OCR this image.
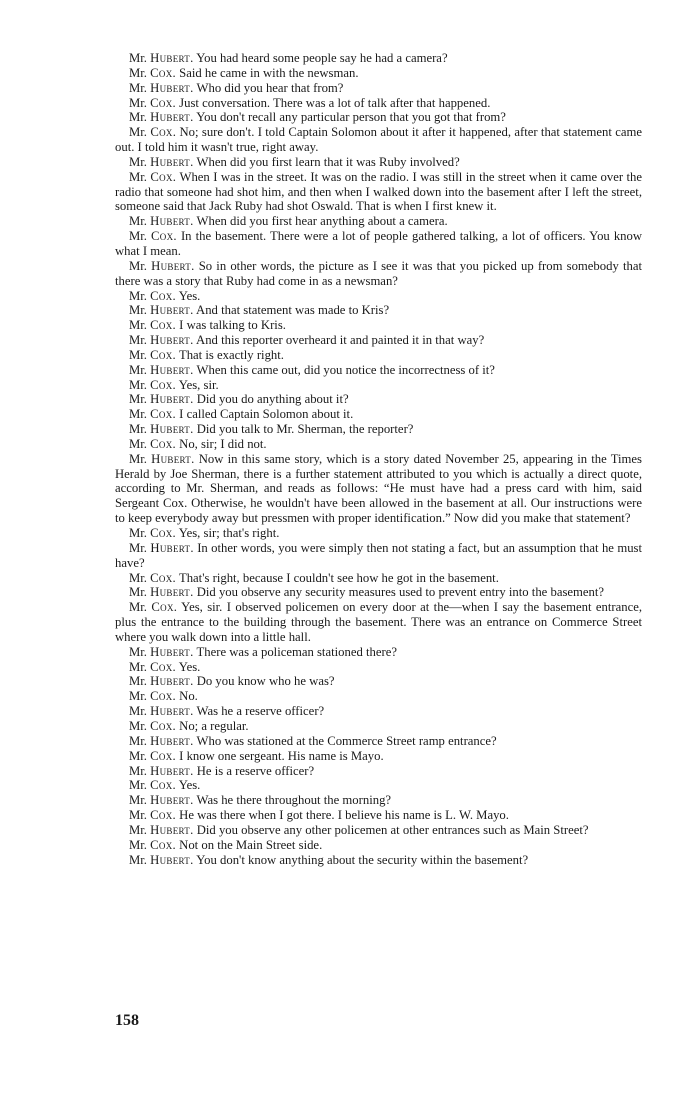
Mr. Hubert. You had heard some people say he had a camera?

Mr. Cox. Said he came in with the newsman.

Mr. Hubert. Who did you hear that from?

Mr. Cox. Just conversation. There was a lot of talk after that happened.

Mr. Hubert. You don't recall any particular person that you got that from?

Mr. Cox. No; sure don't. I told Captain Solomon about it after it happened, after that statement came out. I told him it wasn't true, right away.

Mr. Hubert. When did you first learn that it was Ruby involved?

Mr. Cox. When I was in the street. It was on the radio. I was still in the street when it came over the radio that someone had shot him, and then when I walked down into the basement after I left the street, someone said that Jack Ruby had shot Oswald. That is when I first knew it.

Mr. Hubert. When did you first hear anything about a camera.

Mr. Cox. In the basement. There were a lot of people gathered talking, a lot of officers. You know what I mean.

Mr. Hubert. So in other words, the picture as I see it was that you picked up from somebody that there was a story that Ruby had come in as a newsman?

Mr. Cox. Yes.

Mr. Hubert. And that statement was made to Kris?

Mr. Cox. I was talking to Kris.

Mr. Hubert. And this reporter overheard it and painted it in that way?

Mr. Cox. That is exactly right.

Mr. Hubert. When this came out, did you notice the incorrectness of it?

Mr. Cox. Yes, sir.

Mr. Hubert. Did you do anything about it?

Mr. Cox. I called Captain Solomon about it.

Mr. Hubert. Did you talk to Mr. Sherman, the reporter?

Mr. Cox. No, sir; I did not.

Mr. Hubert. Now in this same story, which is a story dated November 25, appearing in the Times Herald by Joe Sherman, there is a further statement attributed to you which is actually a direct quote, according to Mr. Sherman, and reads as follows: “He must have had a press card with him, said Sergeant Cox. Otherwise, he wouldn't have been allowed in the basement at all. Our instructions were to keep everybody away but pressmen with proper identification.” Now did you make that statement?

Mr. Cox. Yes, sir; that's right.

Mr. Hubert. In other words, you were simply then not stating a fact, but an assumption that he must have?

Mr. Cox. That's right, because I couldn't see how he got in the basement.

Mr. Hubert. Did you observe any security measures used to prevent entry into the basement?

Mr. Cox. Yes, sir. I observed policemen on every door at the—when I say the basement entrance, plus the entrance to the building through the basement. There was an entrance on Commerce Street where you walk down into a little hall.

Mr. Hubert. There was a policeman stationed there?

Mr. Cox. Yes.

Mr. Hubert. Do you know who he was?

Mr. Cox. No.

Mr. Hubert. Was he a reserve officer?

Mr. Cox. No; a regular.

Mr. Hubert. Who was stationed at the Commerce Street ramp entrance?

Mr. Cox. I know one sergeant. His name is Mayo.

Mr. Hubert. He is a reserve officer?

Mr. Cox. Yes.

Mr. Hubert. Was he there throughout the morning?

Mr. Cox. He was there when I got there. I believe his name is L. W. Mayo.

Mr. Hubert. Did you observe any other policemen at other entrances such as Main Street?

Mr. Cox. Not on the Main Street side.

Mr. Hubert. You don't know anything about the security within the basement?

158
